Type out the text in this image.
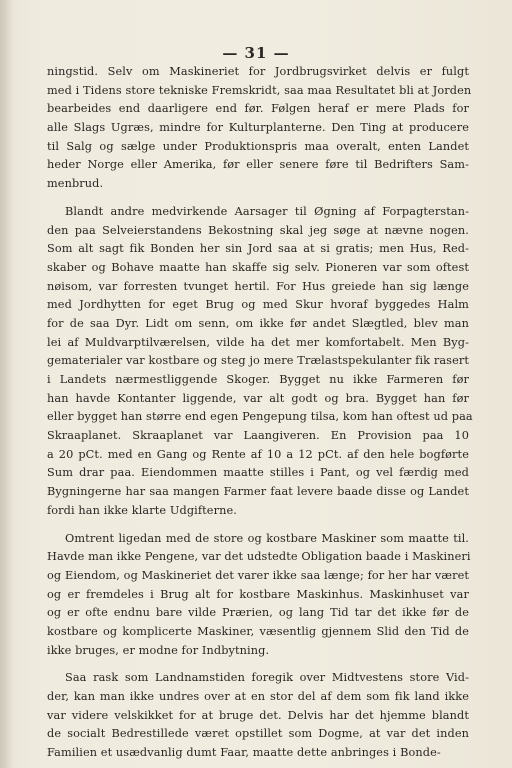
— 31 —
ningstid. Selv om Maskineriet for Jordbrugsvirket delvis er fulgt
med i Tidens store tekniske Fremskridt, saa maa Resultatet bli at Jorden
bearbeides end daarligere end før. Følgen heraf er mere Plads for
alle Slags Ugræs, mindre for Kulturplanterne. Den Ting at producere
til Salg og sælge under Produktionspris maa overalt, enten Landet
heder Norge eller Amerika, før eller senere føre til Bedrifters Sam-
menbrud.
Blandt andre medvirkende Aarsager til Øgning af Forpagterstan-
den paa Selveierstandens Bekostning skal jeg søge at nævne nogen.
Som alt sagt fik Bonden her sin Jord saa at si gratis; men Hus, Red-
skaber og Bohave maatte han skaffe sig selv. Pioneren var som oftest
nøisom, var forresten tvunget hertil. For Hus greiede han sig længe
med Jordhytten for eget Brug og med Skur hvoraf byggedes Halm
for de saa Dyr. Lidt om senn, om ikke før andet Slægtled, blev man
lei af Muldvarptilværelsen, vilde ha det mer komfortabelt. Men Byg-
gematerialer var kostbare og steg jo mere Trælastspekulanter fik rasert
i Landets nærmestliggende Skoger. Bygget nu ikke Farmeren før
han havde Kontanter liggende, var alt godt og bra. Bygget han før
eller bygget han større end egen Pengepung tilsa, kom han oftest ud paa
Skraaplanet. Skraaplanet var Laangiveren. En Provision paa 10
a 20 pCt. med en Gang og Rente af 10 a 12 pCt. af den hele bogførte
Sum drar paa. Eiendommen maatte stilles i Pant, og vel færdig med
Bygningerne har saa mangen Farmer faat levere baade disse og Landet
fordi han ikke klarte Udgifterne.
Omtrent ligedan med de store og kostbare Maskiner som maatte til.
Havde man ikke Pengene, var det udstedte Obligation baade i Maskineri
og Eiendom, og Maskineriet det varer ikke saa længe; for her har været
og er fremdeles i Brug alt for kostbare Maskinhus. Maskinhuset var
og er ofte endnu bare vilde Prærien, og lang Tid tar det ikke før de
kostbare og komplicerte Maskiner, væsentlig gjennem Slid den Tid de
ikke bruges, er modne for Indbytning.
Saa rask som Landnamstiden foregik over Midtvestens store Vid-
der, kan man ikke undres over at en stor del af dem som fik land ikke
var videre velskikket for at bruge det. Delvis har det hjemme blandt
de socialt Bedrestillede været opstillet som Dogme, at var det inden
Familien et usædvanlig dumt Faar, maatte dette anbringes i Bonde-
